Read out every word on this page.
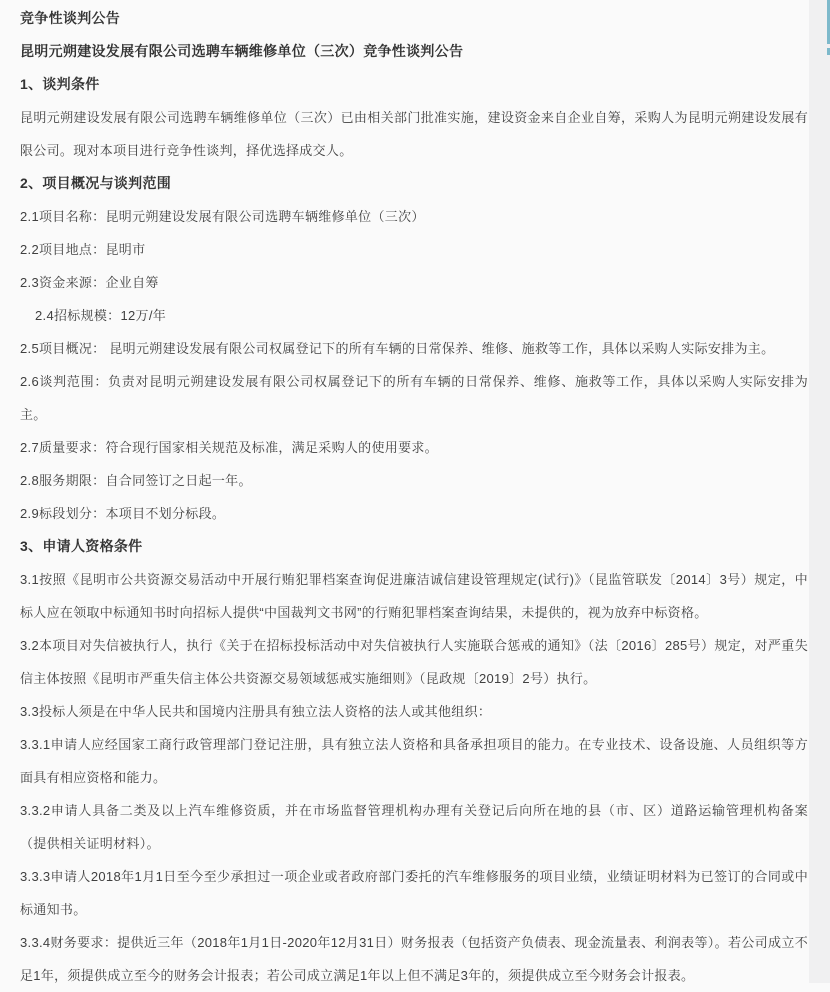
竞争性谈判公告

昆明元朔建设发展有限公司选聘车辆维修单位（三次）竞争性谈判公告

1、谈判条件

昆明元朔建设发展有限公司选聘车辆维修单位（三次）已由相关部门批准实施，建设资金来自企业自筹，采购人为昆明元朔建设发展有限公司。现对本项目进行竞争性谈判，择优选择成交人。

2、项目概况与谈判范围

2.1项目名称：昆明元朔建设发展有限公司选聘车辆维修单位（三次）

2.2项目地点：昆明市

2.3资金来源：企业自筹

2.4招标规模：12万/年

2.5项目概况： 昆明元朔建设发展有限公司权属登记下的所有车辆的日常保养、维修、施救等工作，具体以采购人实际安排为主。

2.6谈判范围：负责对昆明元朔建设发展有限公司权属登记下的所有车辆的日常保养、维修、施救等工作，具体以采购人实际安排为主。

2.7质量要求：符合现行国家相关规范及标准，满足采购人的使用要求。

2.8服务期限：自合同签订之日起一年。

2.9标段划分：本项目不划分标段。

3、申请人资格条件

3.1按照《昆明市公共资源交易活动中开展行贿犯罪档案查询促进廉洁诚信建设管理规定(试行)》（昆监管联发〔2014〕3号）规定，中标人应在领取中标通知书时向招标人提供“中国裁判文书网”的行贿犯罪档案查询结果，未提供的，视为放弃中标资格。

3.2本项目对失信被执行人，执行《关于在招标投标活动中对失信被执行人实施联合惩戒的通知》（法〔2016〕285号）规定，对严重失信主体按照《昆明市严重失信主体公共资源交易领域惩戒实施细则》（昆政规〔2019〕2号）执行。

3.3投标人须是在中华人民共和国境内注册具有独立法人资格的法人或其他组织：

3.3.1申请人应经国家工商行政管理部门登记注册，具有独立法人资格和具备承担项目的能力。在专业技术、设备设施、人员组织等方面具有相应资格和能力。

3.3.2申请人具备二类及以上汽车维修资质，并在市场监督管理机构办理有关登记后向所在地的县（市、区）道路运输管理机构备案（提供相关证明材料）。

3.3.3申请人2018年1月1日至今至少承担过一项企业或者政府部门委托的汽车维修服务的项目业绩，业绩证明材料为已签订的合同或中标通知书。

3.3.4财务要求：提供近三年（2018年1月1日-2020年12月31日）财务报表（包括资产负债表、现金流量表、利润表等）。若公司成立不足1年，须提供成立至今的财务会计报表；若公司成立满足1年以上但不满足3年的，须提供成立至今财务会计报表。
